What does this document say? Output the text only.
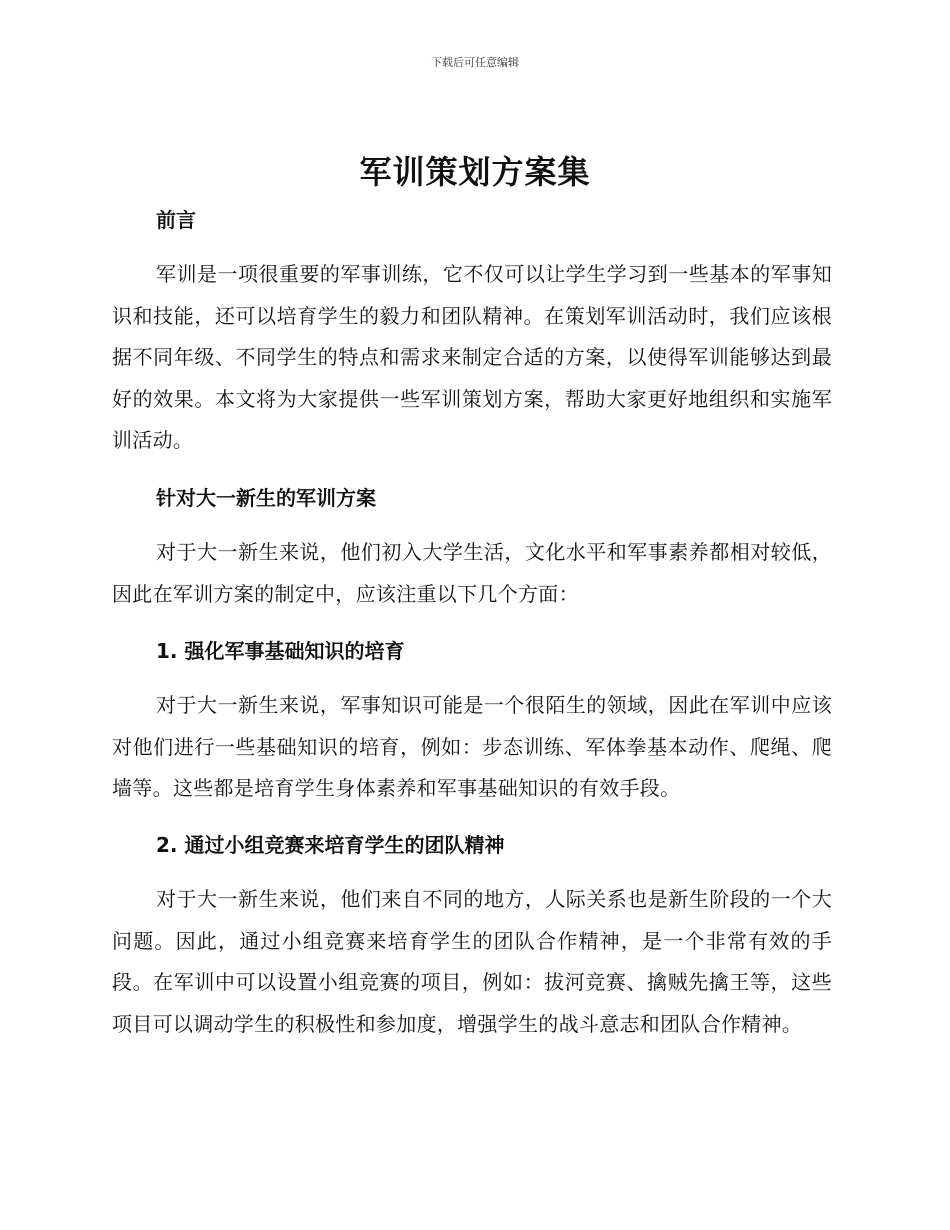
下载后可任意编辑
军训策划方案集
前言
军训是一项很重要的军事训练，它不仅可以让学生学习到一些基本的军事知识和技能，还可以培育学生的毅力和团队精神。在策划军训活动时，我们应该根据不同年级、不同学生的特点和需求来制定合适的方案，以使得军训能够达到最好的效果。本文将为大家提供一些军训策划方案，帮助大家更好地组织和实施军训活动。
针对大一新生的军训方案
对于大一新生来说，他们初入大学生活，文化水平和军事素养都相对较低，因此在军训方案的制定中，应该注重以下几个方面：
1. 强化军事基础知识的培育
对于大一新生来说，军事知识可能是一个很陌生的领域，因此在军训中应该对他们进行一些基础知识的培育，例如：步态训练、军体拳基本动作、爬绳、爬墙等。这些都是培育学生身体素养和军事基础知识的有效手段。
2. 通过小组竞赛来培育学生的团队精神
对于大一新生来说，他们来自不同的地方，人际关系也是新生阶段的一个大问题。因此，通过小组竞赛来培育学生的团队合作精神，是一个非常有效的手段。在军训中可以设置小组竞赛的项目，例如：拔河竞赛、擒贼先擒王等，这些项目可以调动学生的积极性和参加度，增强学生的战斗意志和团队合作精神。
